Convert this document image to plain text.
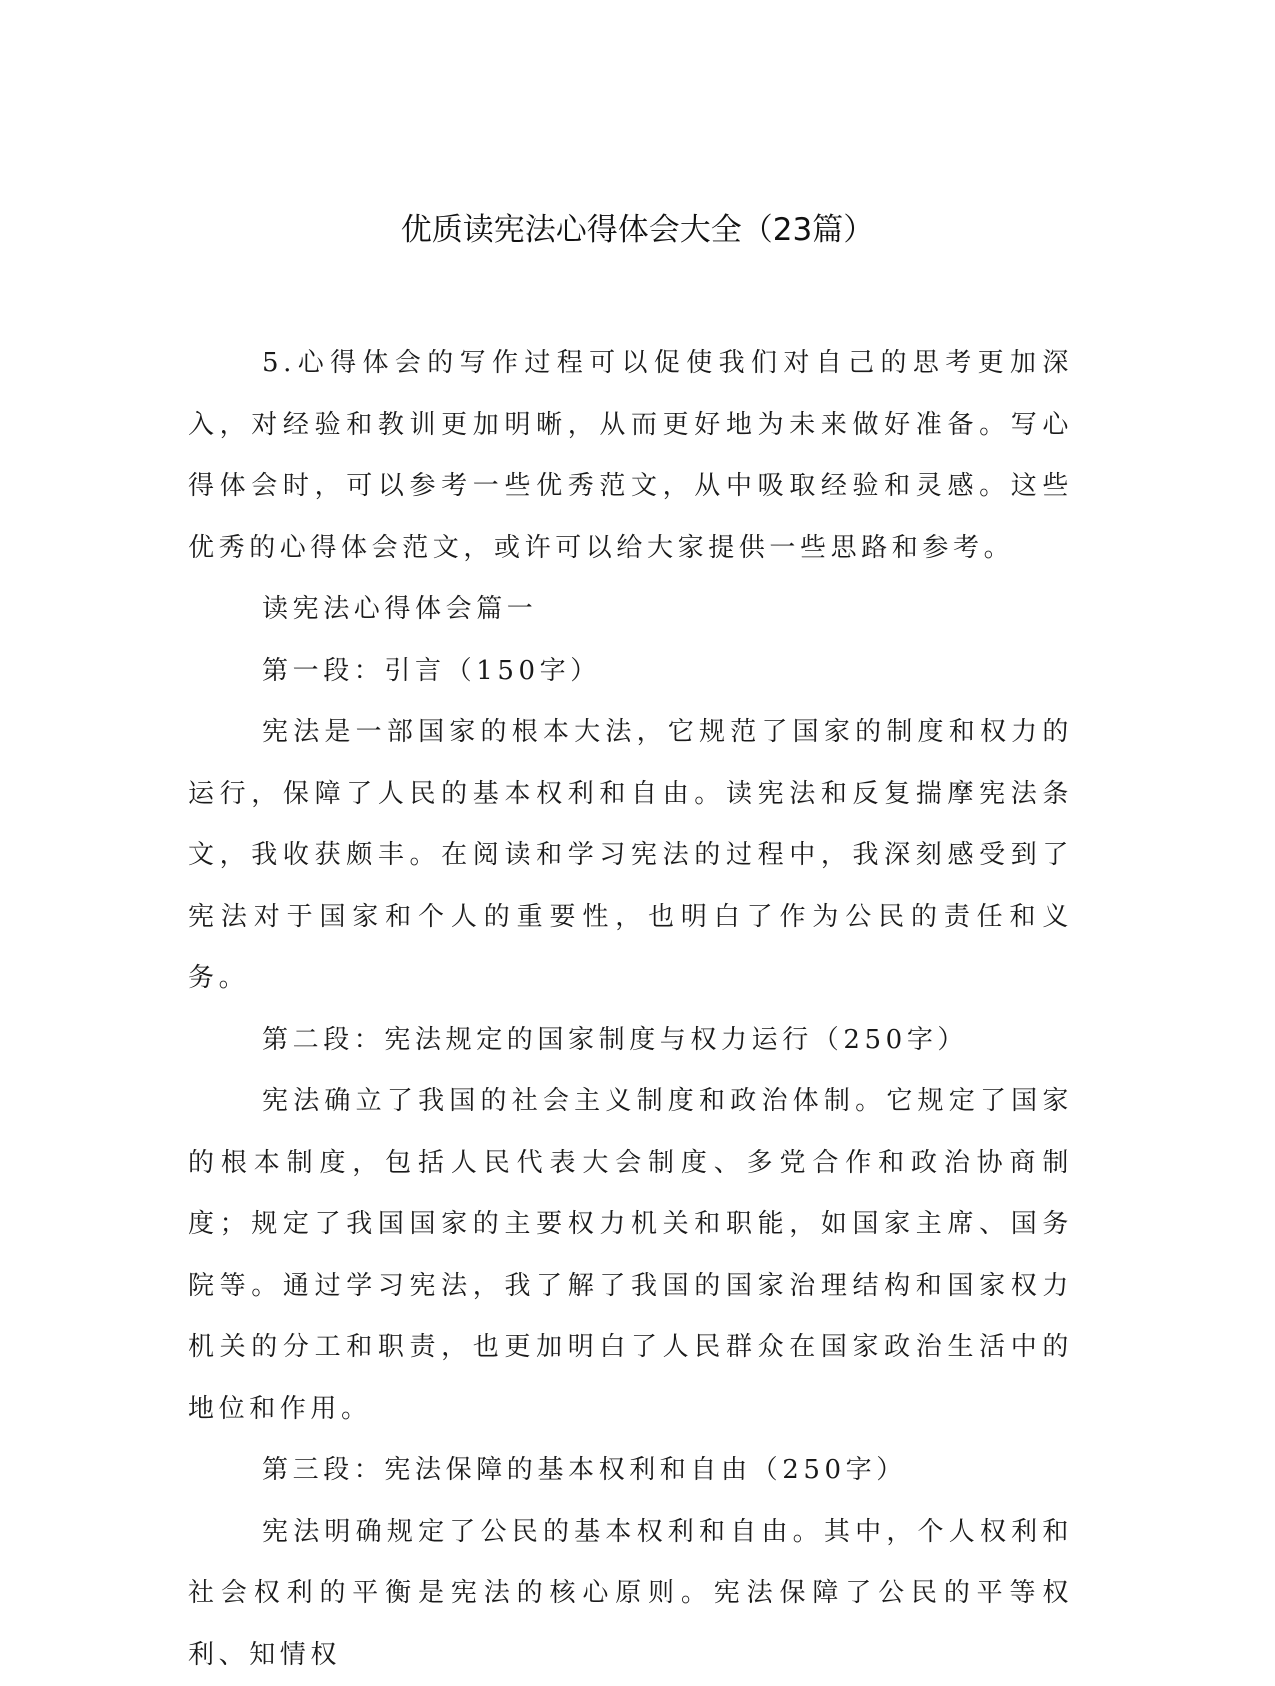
优质读宪法心得体会大全（23篇）

5.心得体会的写作过程可以促使我们对自己的思考更加深入，对经验和教训更加明晰，从而更好地为未来做好准备。写心得体会时，可以参考一些优秀范文，从中吸取经验和灵感。这些优秀的心得体会范文，或许可以给大家提供一些思路和参考。

读宪法心得体会篇一

第一段：引言（150字）

宪法是一部国家的根本大法，它规范了国家的制度和权力的运行，保障了人民的基本权利和自由。读宪法和反复揣摩宪法条文，我收获颇丰。在阅读和学习宪法的过程中，我深刻感受到了宪法对于国家和个人的重要性，也明白了作为公民的责任和义务。

第二段：宪法规定的国家制度与权力运行（250字）

宪法确立了我国的社会主义制度和政治体制。它规定了国家的根本制度，包括人民代表大会制度、多党合作和政治协商制度；规定了我国国家的主要权力机关和职能，如国家主席、国务院等。通过学习宪法，我了解了我国的国家治理结构和国家权力机关的分工和职责，也更加明白了人民群众在国家政治生活中的地位和作用。

第三段：宪法保障的基本权利和自由（250字）

宪法明确规定了公民的基本权利和自由。其中，个人权利和社会权利的平衡是宪法的核心原则。宪法保障了公民的平等权利、知情权
